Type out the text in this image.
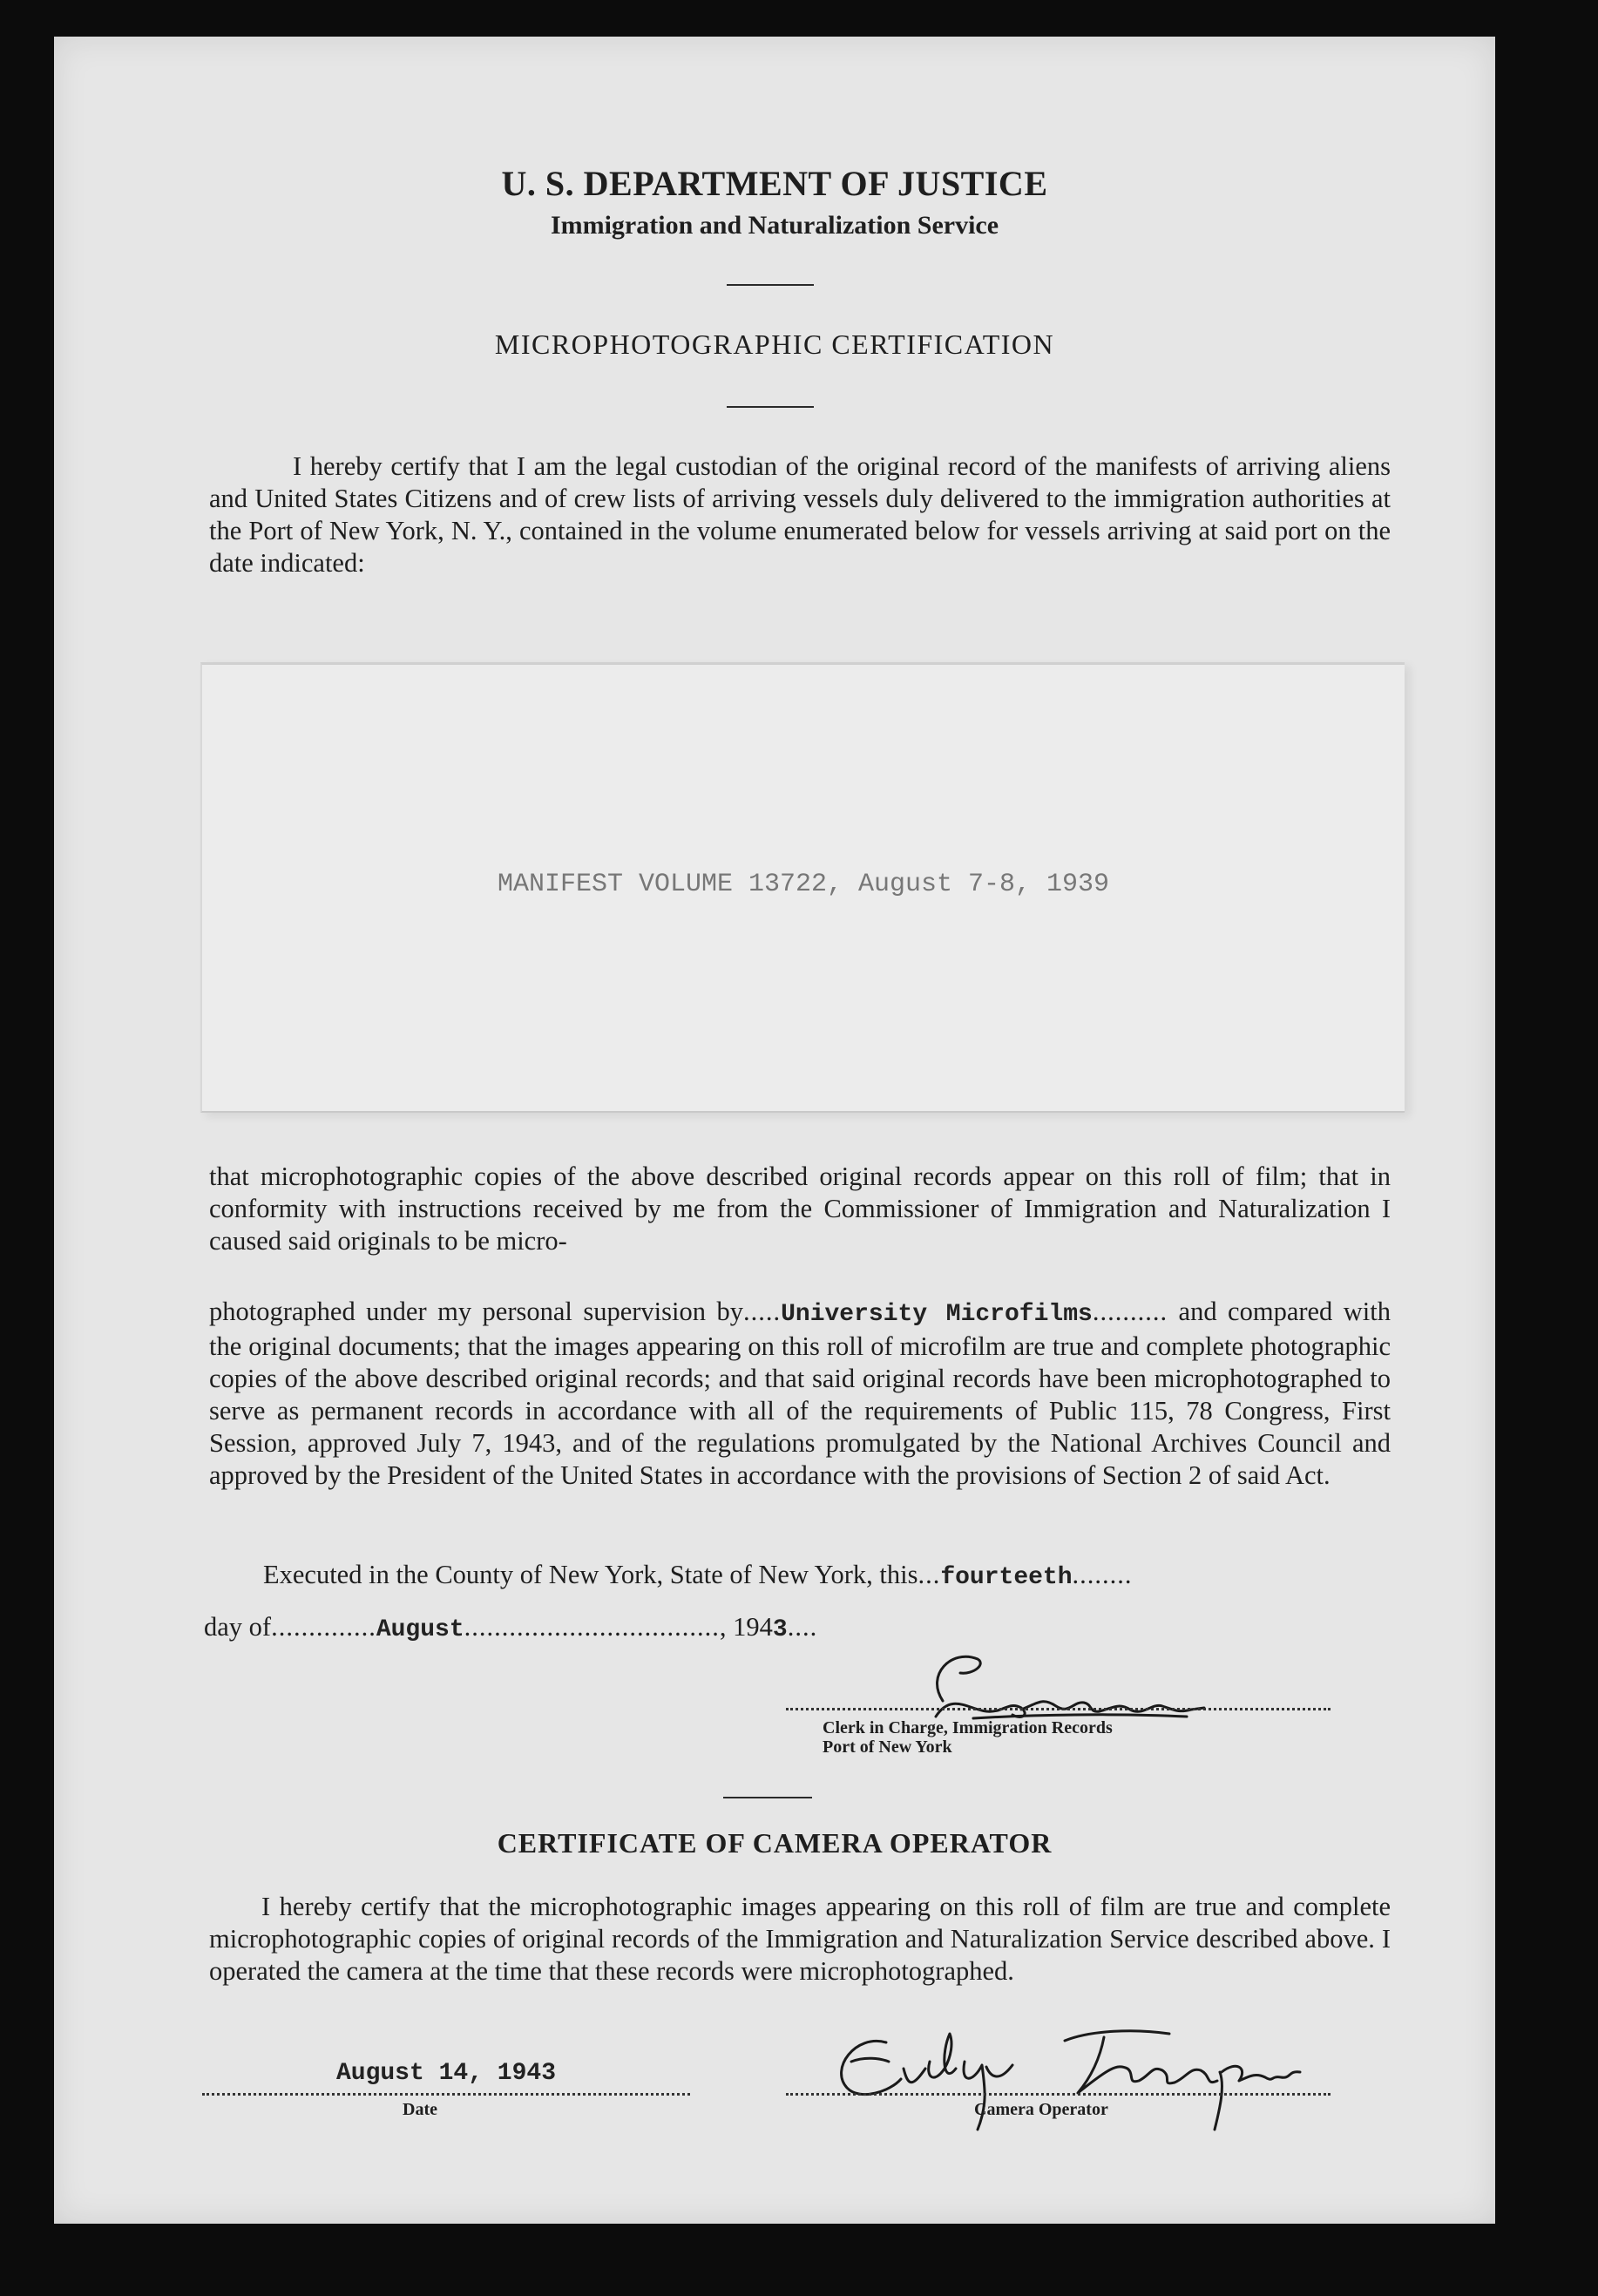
U. S. DEPARTMENT OF JUSTICE
Immigration and Naturalization Service
MICROPHOTOGRAPHIC CERTIFICATION
I hereby certify that I am the legal custodian of the original record of the manifests of arriving aliens and United States Citizens and of crew lists of arriving vessels duly delivered to the immigration authorities at the Port of New York, N. Y., contained in the volume enumerated below for vessels arriving at said port on the date indicated:
MANIFEST VOLUME 13722, August 7-8, 1939
that microphotographic copies of the above described original records appear on this roll of film; that in conformity with instructions received by me from the Commissioner of Immigration and Naturalization I caused said originals to be micro-
photographed under my personal supervision by.....University Microfilms.......... and compared with the original documents; that the images appearing on this roll of microfilm are true and complete photographic copies of the above described original records; and that said original records have been microphotographed to serve as permanent records in accordance with all of the requirements of Public 115, 78 Congress, First Session, approved July 7, 1943, and of the regulations promulgated by the National Archives Council and approved by the President of the United States in accordance with the provisions of Section 2 of said Act.
Executed in the County of New York, State of New York, this...fourteeth........
day of..............August.................................., 1943....
Clerk in Charge, Immigration Records
Port of New York
CERTIFICATE OF CAMERA OPERATOR
I hereby certify that the microphotographic images appearing on this roll of film are true and complete microphotographic copies of original records of the Immigration and Naturalization Service described above. I operated the camera at the time that these records were microphotographed.
August 14, 1943
Date	Camera Operator
